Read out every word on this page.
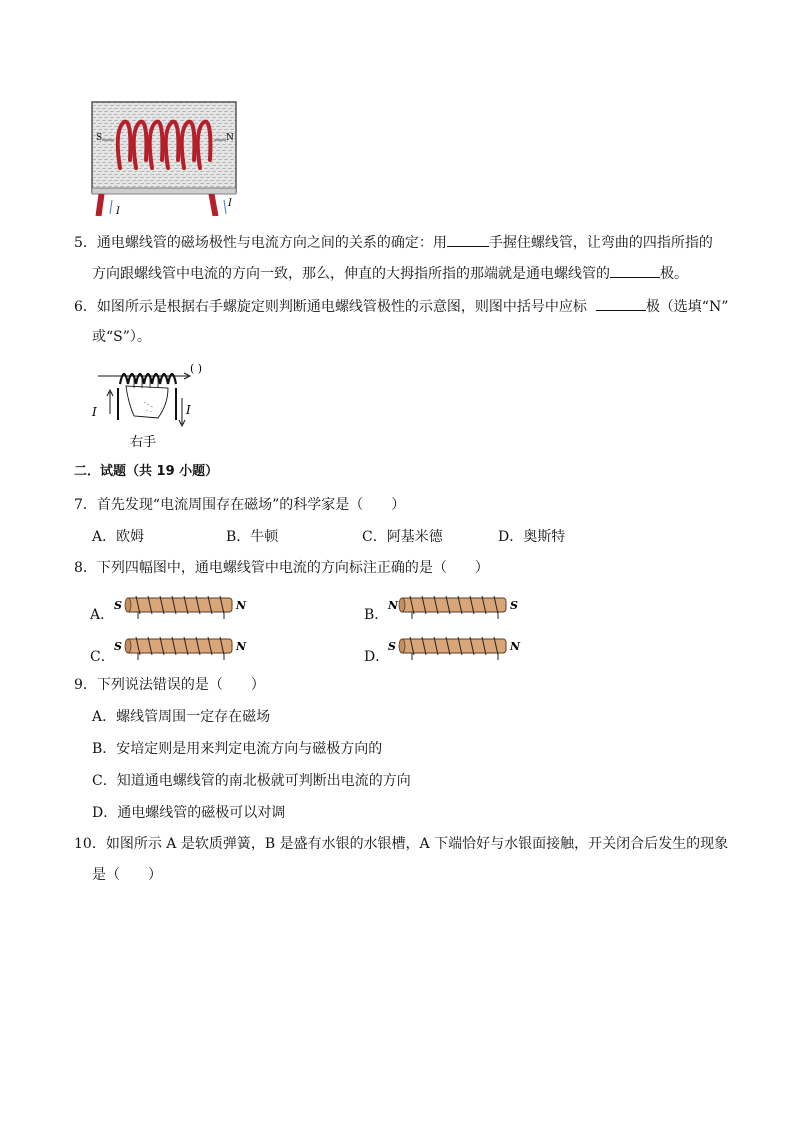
S	N
I
I
5．通电螺线管的磁场极性与电流方向之间的关系的确定：用	手握住螺线管，让弯曲的四指所指的
方向跟螺线管中电流的方向一致，那么，伸直的大拇指所指的那端就是通电螺线管的	极。
6．如图所示是根据右手螺旋定则判断通电螺线管极性的示意图，则图中括号中应标	极（选填“N”
或“S”）。
( )
I	I
右手
二．试题（共 19 小题）
7．首先发现“电流周围存在磁场”的科学家是（　　）
A．欧姆	B．牛顿	C．阿基米德	D．奥斯特
8．下列四幅图中，通电螺线管中电流的方向标注正确的是（　　）
A．	B．
C．	D．
S	N	N	S
S	N	S	N
9．下列说法错误的是（　　）
A．螺线管周围一定存在磁场
B．安培定则是用来判定电流方向与磁极方向的
C．知道通电螺线管的南北极就可判断出电流的方向
D．通电螺线管的磁极可以对调
10．如图所示 A 是软质弹簧，B 是盛有水银的水银槽，A 下端恰好与水银面接触，开关闭合后发生的现象
是（　　）
